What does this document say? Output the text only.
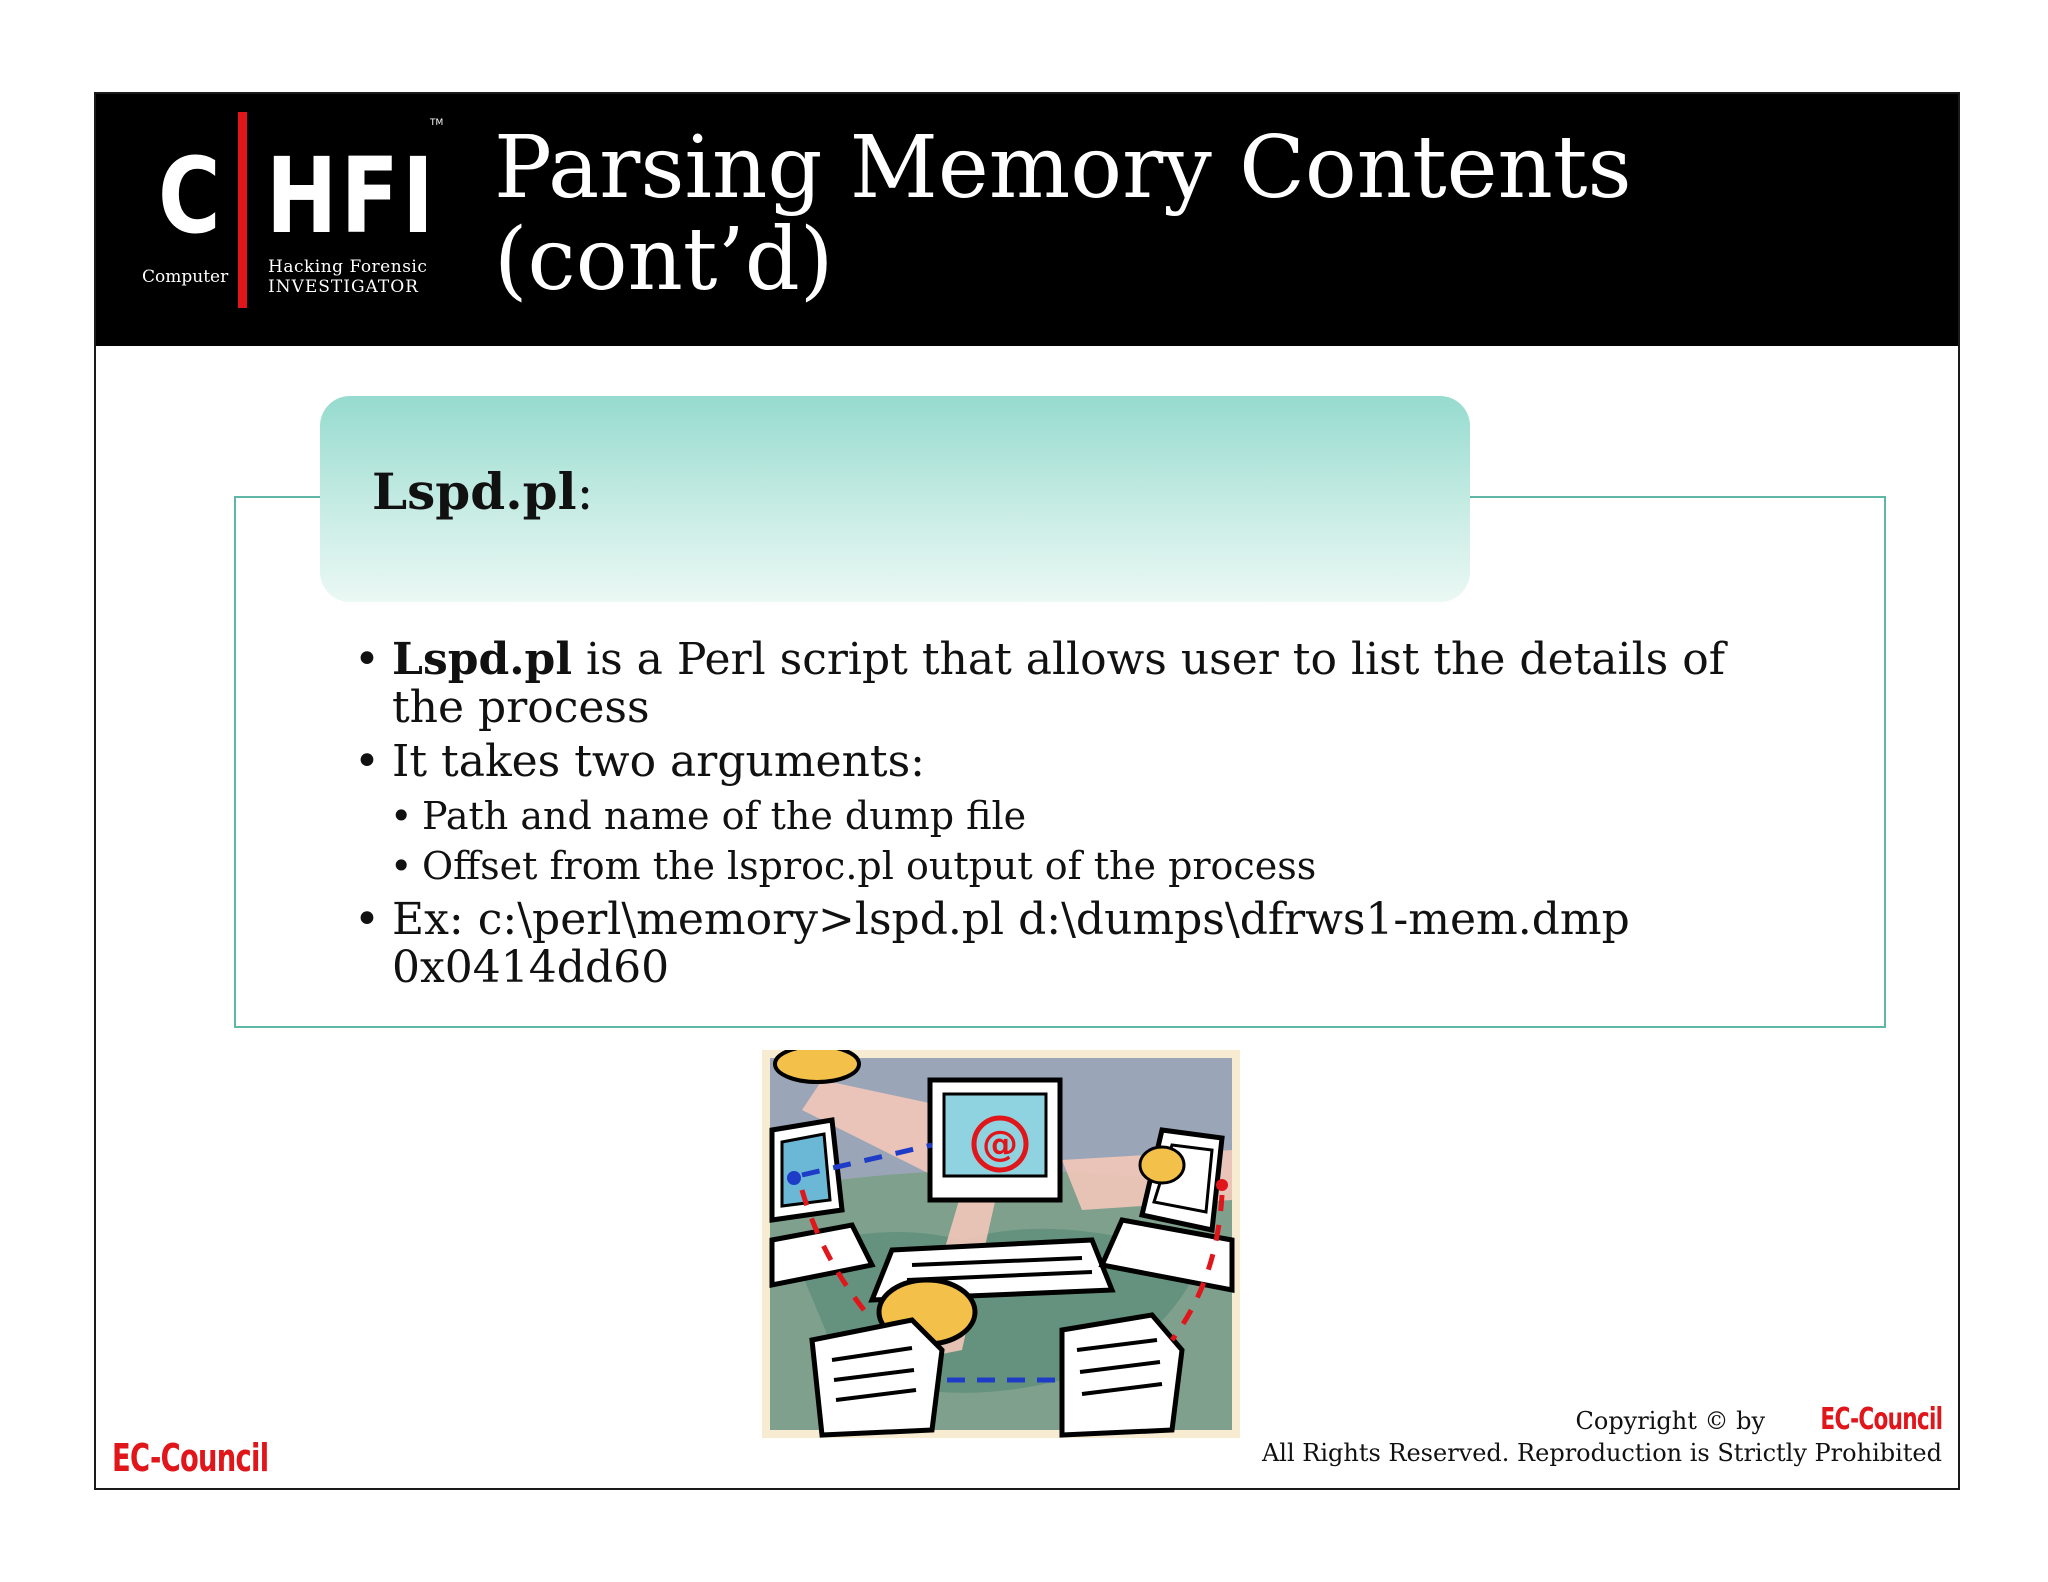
C HFI
TM
Computer Hacking Forensic
INVESTIGATOR
Parsing Memory Contents
(cont’d)
Lspd.pl:
• Lspd.pl is a Perl script that allows user to list the details of the process
• It takes two arguments:
• Path and name of the dump file
• Offset from the lsproc.pl output of the process
• Ex: c:\perl\memory>lspd.pl d:\dumps\dfrws1-mem.dmp 0x0414dd60
@
EC-Council
Copyright © by EC-Council
All Rights Reserved. Reproduction is Strictly Prohibited
